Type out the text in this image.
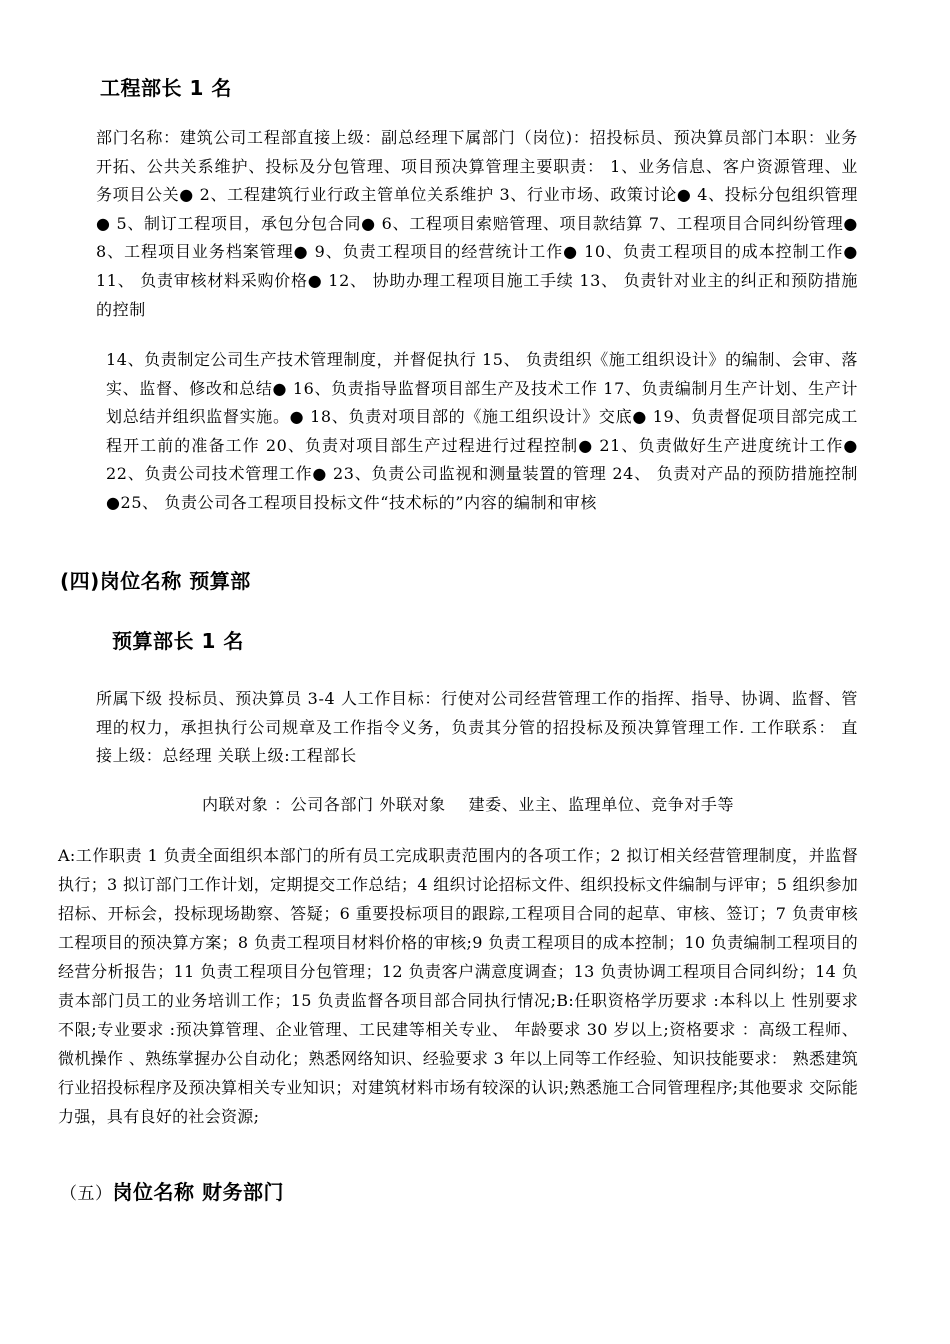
工程部长 1 名

部门名称：建筑公司工程部直接上级：副总经理下属部门（岗位)：招投标员、预决算员部门本职：业务开拓、公共关系维护、投标及分包管理、项目预决算管理主要职责： 1、业务信息、客户资源管理、业务项目公关● 2、工程建筑行业行政主管单位关系维护 3、行业市场、政策讨论● 4、投标分包组织管理● 5、制订工程项目，承包分包合同● 6、工程项目索赔管理、项目款结算 7、工程项目合同纠纷管理● 8、工程项目业务档案管理● 9、负责工程项目的经营统计工作● 10、负责工程项目的成本控制工作● 11、 负责审核材料采购价格● 12、 协助办理工程项目施工手续 13、 负责针对业主的纠正和预防措施的控制

14、负责制定公司生产技术管理制度，并督促执行 15、 负责组织《施工组织设计》的编制、会审、落实、监督、修改和总结● 16、负责指导监督项目部生产及技术工作 17、负责编制月生产计划、生产计划总结并组织监督实施。● 18、负责对项目部的《施工组织设计》交底● 19、负责督促项目部完成工程开工前的准备工作 20、负责对项目部生产过程进行过程控制● 21、负责做好生产进度统计工作● 22、负责公司技术管理工作● 23、负责公司监视和测量装置的管理 24、 负责对产品的预防措施控制●25、 负责公司各工程项目投标文件“技术标的”内容的编制和审核

(四)岗位名称 预算部
预算部长 1 名

所属下级 投标员、预决算员 3-4 人工作目标：行使对公司经营管理工作的指挥、指导、协调、监督、管理的权力，承担执行公司规章及工作指令义务，负责其分管的招投标及预决算管理工作. 工作联系： 直接上级：总经理 关联上级:工程部长

内联对象 ：公司各部门 外联对象    建委、业主、监理单位、竞争对手等

A:工作职责 1 负责全面组织本部门的所有员工完成职责范围内的各项工作；2 拟订相关经营管理制度，并监督执行；3 拟订部门工作计划，定期提交工作总结；4 组织讨论招标文件、组织投标文件编制与评审；5 组织参加招标、开标会，投标现场勘察、答疑；6 重要投标项目的跟踪,工程项目合同的起草、审核、签订；7 负责审核工程项目的预决算方案；8 负责工程项目材料价格的审核;9 负责工程项目的成本控制；10 负责编制工程项目的经营分析报告；11 负责工程项目分包管理；12 负责客户满意度调查；13 负责协调工程项目合同纠纷；14 负责本部门员工的业务培训工作；15 负责监督各项目部合同执行情况;B:任职资格学历要求 :本科以上 性别要求 不限;专业要求 :预决算管理、企业管理、工民建等相关专业、 年龄要求 30 岁以上;资格要求 ：高级工程师、 微机操作 、熟练掌握办公自动化；熟悉网络知识、经验要求 3 年以上同等工作经验、知识技能要求： 熟悉建筑行业招投标程序及预决算相关专业知识；对建筑材料市场有较深的认识;熟悉施工合同管理程序;其他要求 交际能力强，具有良好的社会资源;

（五）岗位名称 财务部门
